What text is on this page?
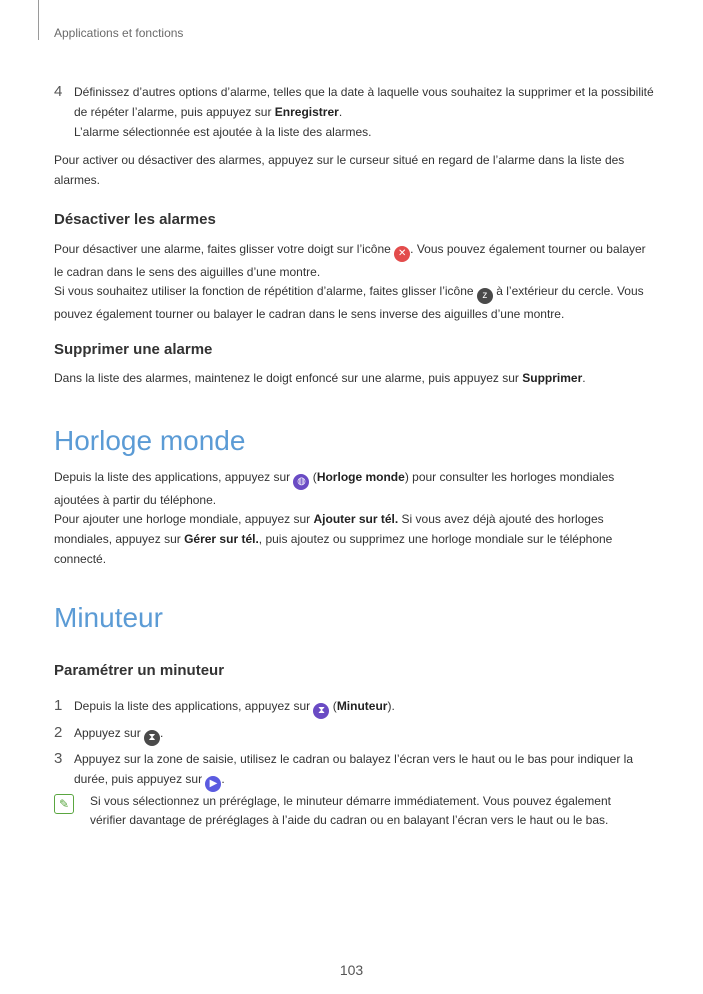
Applications et fonctions
4 Définissez d’autres options d’alarme, telles que la date à laquelle vous souhaitez la supprimer et la possibilité de répéter l’alarme, puis appuyez sur Enregistrer.
L’alarme sélectionnée est ajoutée à la liste des alarmes.
Pour activer ou désactiver des alarmes, appuyez sur le curseur situé en regard de l’alarme dans la liste des alarmes.
Désactiver les alarmes
Pour désactiver une alarme, faites glisser votre doigt sur l’icône ✕ . Vous pouvez également tourner ou balayer le cadran dans le sens des aiguilles d’une montre.
Si vous souhaitez utiliser la fonction de répétition d’alarme, faites glisser l’icône z à l’extérieur du cercle. Vous pouvez également tourner ou balayer le cadran dans le sens inverse des aiguilles d’une montre.
Supprimer une alarme
Dans la liste des alarmes, maintenez le doigt enfoncé sur une alarme, puis appuyez sur Supprimer.
Horloge monde
Depuis la liste des applications, appuyez sur ◍ (Horloge monde) pour consulter les horloges mondiales ajoutées à partir du téléphone.
Pour ajouter une horloge mondiale, appuyez sur Ajouter sur tél. Si vous avez déjà ajouté des horloges mondiales, appuyez sur Gérer sur tél., puis ajoutez ou supprimez une horloge mondiale sur le téléphone connecté.
Minuteur
Paramétrer un minuteur
1 Depuis la liste des applications, appuyez sur ⧗ (Minuteur).
2 Appuyez sur ⧗ .
3 Appuyez sur la zone de saisie, utilisez le cadran ou balayez l’écran vers le haut ou le bas pour indiquer la durée, puis appuyez sur ▶ .
✎	Si vous sélectionnez un préréglage, le minuteur démarre immédiatement. Vous pouvez également vérifier davantage de préréglages à l’aide du cadran ou en balayant l’écran vers le haut ou le bas.
103
